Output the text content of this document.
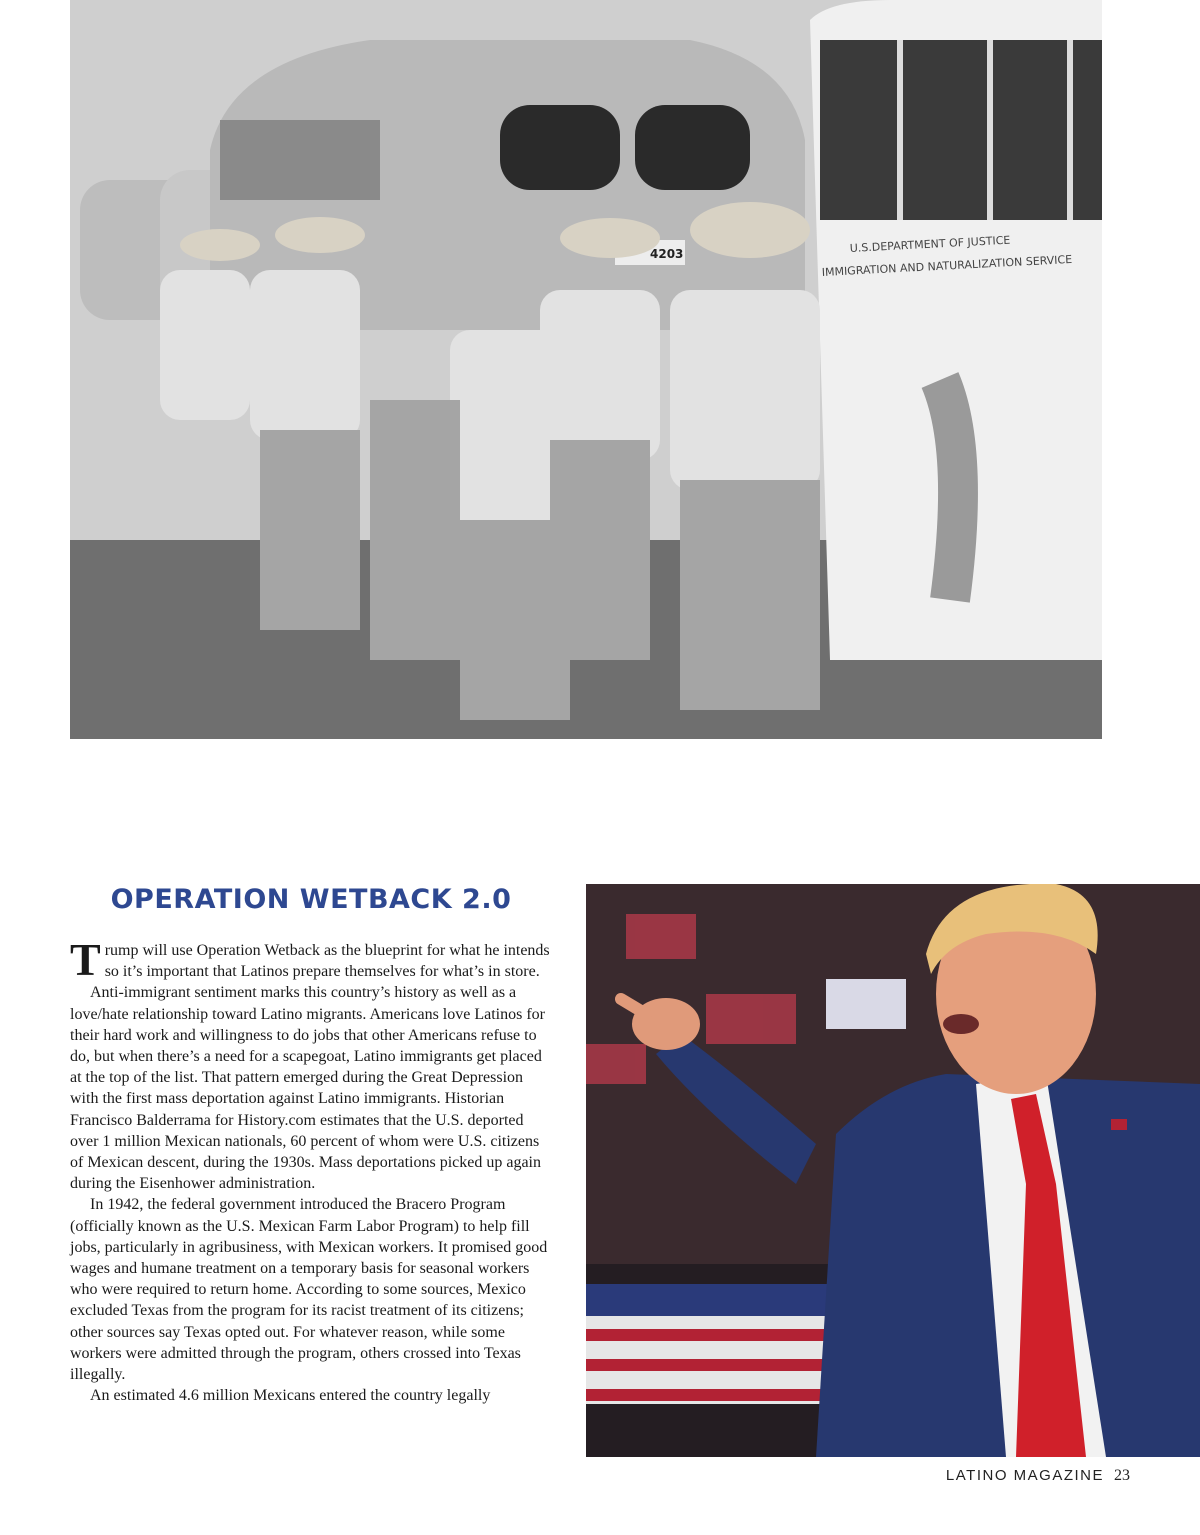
4203	U.S.DEPARTMENT OF JUSTICE
IMMIGRATION AND NATURALIZATION SERVICE
OPERATION WETBACK 2.0

Trump will use Operation Wetback as the blueprint for what he intends so it’s important that Latinos prepare themselves for what’s in store.

Anti-immigrant sentiment marks this country’s history as well as a love/hate relationship toward Latino migrants. Americans love Latinos for their hard work and willingness to do jobs that other Americans refuse to do, but when there’s a need for a scapegoat, Latino immigrants get placed at the top of the list. That pattern emerged during the Great Depression with the first mass deportation against Latino immigrants. Historian Francisco Balderrama for History.com estimates that the U.S. deported over 1 million Mexican nationals, 60 percent of whom were U.S. citizens of Mexican descent, during the 1930s. Mass deportations picked up again during the Eisenhower administration.

In 1942, the federal government introduced the Bracero Program (officially known as the U.S. Mexican Farm Labor Program) to help fill jobs, particularly in agribusiness, with Mexican workers. It promised good wages and humane treatment on a temporary basis for seasonal workers who were required to return home. According to some sources, Mexico excluded Texas from the program for its racist treatment of its citizens; other sources say Texas opted out. For whatever reason, while some workers were admitted through the program, others crossed into Texas illegally.

An estimated 4.6 million Mexicans entered the country legally

LATINO MAGAZINE 23
